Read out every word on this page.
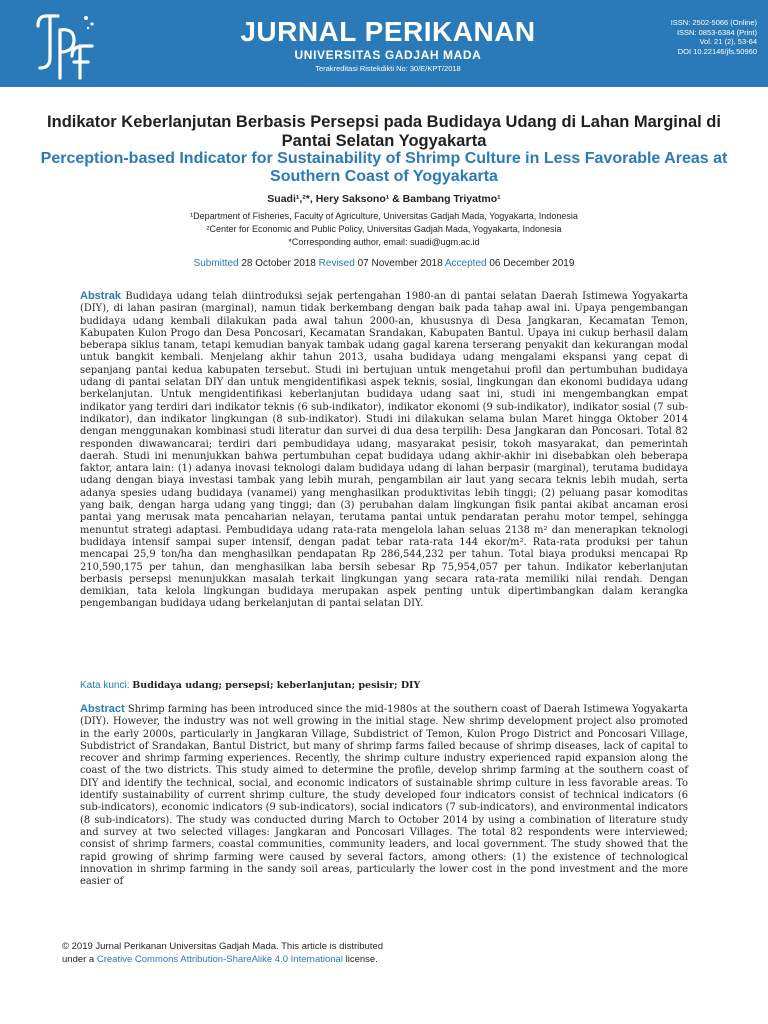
JURNAL PERIKANAN
UNIVERSITAS GADJAH MADA
Terakreditasi Ristekdikti No: 30/E/KPT/2018
ISSN: 2502-5066 (Online)
ISSN: 0853-6384 (Print)
Vol. 21 (2), 53-64
DOI 10.22146/jfs.50960
Indikator Keberlanjutan Berbasis Persepsi pada Budidaya Udang di Lahan Marginal di Pantai Selatan Yogyakarta
Perception-based Indicator for Sustainability of Shrimp Culture in Less Favorable Areas at Southern Coast of Yogyakarta
Suadi¹,²*, Hery Saksono¹ & Bambang Triyatmo¹
¹Department of Fisheries, Faculty of Agriculture, Universitas Gadjah Mada, Yogyakarta, Indonesia
²Center for Economic and Public Policy, Universitas Gadjah Mada, Yogyakarta, Indonesia
*Corresponding author, email: suadi@ugm.ac.id
Submitted 28 October 2018 Revised 07 November 2018 Accepted 06 December 2019
Abstrak Budidaya udang telah diintroduksi sejak pertengahan 1980-an di pantai selatan Daerah Istimewa Yogyakarta (DIY), di lahan pasiran (marginal), namun tidak berkembang dengan baik pada tahap awal ini. Upaya pengembangan budidaya udang kembali dilakukan pada awal tahun 2000-an, khususnya di Desa Jangkaran, Kecamatan Temon, Kabupaten Kulon Progo dan Desa Poncosari, Kecamatan Srandakan, Kabupaten Bantul. Upaya ini cukup berhasil dalam beberapa siklus tanam, tetapi kemudian banyak tambak udang gagal karena terserang penyakit dan kekurangan modal untuk bangkit kembali. Menjelang akhir tahun 2013, usaha budidaya udang mengalami ekspansi yang cepat di sepanjang pantai kedua kabupaten tersebut. Studi ini bertujuan untuk mengetahui profil dan pertumbuhan budidaya udang di pantai selatan DIY dan untuk mengidentifikasi aspek teknis, sosial, lingkungan dan ekonomi budidaya udang berkelanjutan. Untuk mengidentifikasi keberlanjutan budidaya udang saat ini, studi ini mengembangkan empat indikator yang terdiri dari indikator teknis (6 sub-indikator), indikator ekonomi (9 sub-indikator), indikator sosial (7 sub-indikator), dan indikator lingkungan (8 sub-indikator). Studi ini dilakukan selama bulan Maret hingga Oktober 2014 dengan menggunakan kombinasi studi literatur dan survei di dua desa terpilih: Desa Jangkaran dan Poncosari. Total 82 responden diwawancarai; terdiri dari pembudidaya udang, masyarakat pesisir, tokoh masyarakat, dan pemerintah daerah. Studi ini menunjukkan bahwa pertumbuhan cepat budidaya udang akhir-akhir ini disebabkan oleh beberapa faktor, antara lain: (1) adanya inovasi teknologi dalam budidaya udang di lahan berpasir (marginal), terutama budidaya udang dengan biaya investasi tambak yang lebih murah, pengambilan air laut yang secara teknis lebih mudah, serta adanya spesies udang budidaya (vanamei) yang menghasilkan produktivitas lebih tinggi; (2) peluang pasar komoditas yang baik, dengan harga udang yang tinggi; dan (3) perubahan dalam lingkungan fisik pantai akibat ancaman erosi pantai yang merusak mata pencaharian nelayan, terutama pantai untuk pendaratan perahu motor tempel, sehingga menuntut strategi adaptasi. Pembudidaya udang rata-rata mengelola lahan seluas 2138 m² dan menerapkan teknologi budidaya intensif sampai super intensif, dengan padat tebar rata-rata 144 ekor/m². Rata-rata produksi per tahun mencapai 25,9 ton/ha dan menghasilkan pendapatan Rp 286,544,232 per tahun. Total biaya produksi mencapai Rp 210,590,175 per tahun, dan menghasilkan laba bersih sebesar Rp 75,954,057 per tahun. Indikator keberlanjutan berbasis persepsi menunjukkan masalah terkait lingkungan yang secara rata-rata memiliki nilai rendah. Dengan demikian, tata kelola lingkungan budidaya merupakan aspek penting untuk dipertimbangkan dalam kerangka pengembangan budidaya udang berkelanjutan di pantai selatan DIY.
Kata kunci: Budidaya udang; persepsi; keberlanjutan; pesisir; DIY
Abstract Shrimp farming has been introduced since the mid-1980s at the southern coast of Daerah Istimewa Yogyakarta (DIY). However, the industry was not well growing in the initial stage. New shrimp development project also promoted in the early 2000s, particularly in Jangkaran Village, Subdistrict of Temon, Kulon Progo District and Poncosari Village, Subdistrict of Srandakan, Bantul District, but many of shrimp farms failed because of shrimp diseases, lack of capital to recover and shrimp farming experiences. Recently, the shrimp culture industry experienced rapid expansion along the coast of the two districts. This study aimed to determine the profile, develop shrimp farming at the southern coast of DIY and identify the technical, social, and economic indicators of sustainable shrimp culture in less favorable areas. To identify sustainability of current shrimp culture, the study developed four indicators consist of technical indicators (6 sub-indicators), economic indicators (9 sub-indicators), social indicators (7 sub-indicators), and environmental indicators (8 sub-indicators). The study was conducted during March to October 2014 by using a combination of literature study and survey at two selected villages: Jangkaran and Poncosari Villages. The total 82 respondents were interviewed; consist of shrimp farmers, coastal communities, community leaders, and local government. The study showed that the rapid growing of shrimp farming were caused by several factors, among others: (1) the existence of technological innovation in shrimp farming in the sandy soil areas, particularly the lower cost in the pond investment and the more easier of
© 2019 Jurnal Perikanan Universitas Gadjah Mada. This article is distributed
under a Creative Commons Attribution-ShareAlike 4.0 International license.
